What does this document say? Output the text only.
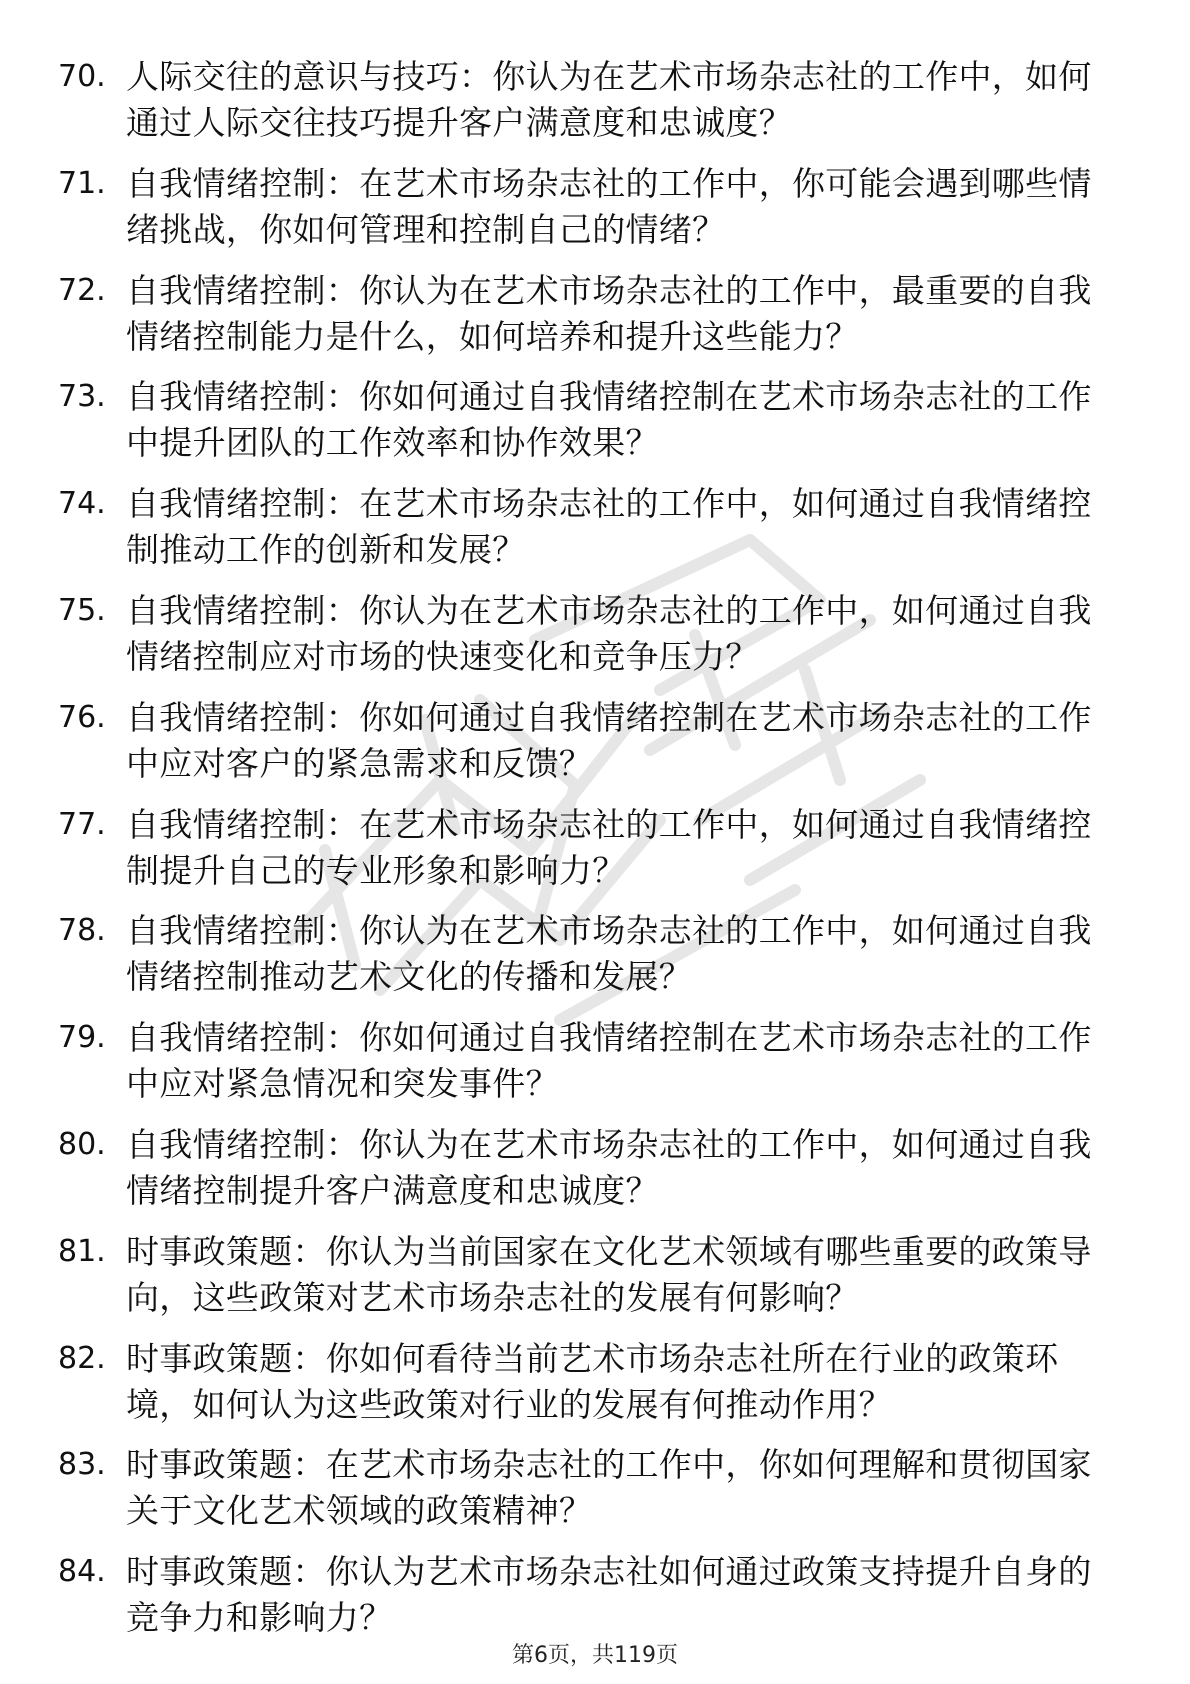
70. 人际交往的意识与技巧：你认为在艺术市场杂志社的工作中，如何通过人际交往技巧提升客户满意度和忠诚度？
71. 自我情绪控制：在艺术市场杂志社的工作中，你可能会遇到哪些情绪挑战，你如何管理和控制自己的情绪？
72. 自我情绪控制：你认为在艺术市场杂志社的工作中，最重要的自我情绪控制能力是什么，如何培养和提升这些能力？
73. 自我情绪控制：你如何通过自我情绪控制在艺术市场杂志社的工作中提升团队的工作效率和协作效果？
74. 自我情绪控制：在艺术市场杂志社的工作中，如何通过自我情绪控制推动工作的创新和发展？
75. 自我情绪控制：你认为在艺术市场杂志社的工作中，如何通过自我情绪控制应对市场的快速变化和竞争压力？
76. 自我情绪控制：你如何通过自我情绪控制在艺术市场杂志社的工作中应对客户的紧急需求和反馈？
77. 自我情绪控制：在艺术市场杂志社的工作中，如何通过自我情绪控制提升自己的专业形象和影响力？
78. 自我情绪控制：你认为在艺术市场杂志社的工作中，如何通过自我情绪控制推动艺术文化的传播和发展？
79. 自我情绪控制：你如何通过自我情绪控制在艺术市场杂志社的工作中应对紧急情况和突发事件？
80. 自我情绪控制：你认为在艺术市场杂志社的工作中，如何通过自我情绪控制提升客户满意度和忠诚度？
81. 时事政策题：你认为当前国家在文化艺术领域有哪些重要的政策导向，这些政策对艺术市场杂志社的发展有何影响？
82. 时事政策题：你如何看待当前艺术市场杂志社所在行业的政策环境，如何认为这些政策对行业的发展有何推动作用？
83. 时事政策题：在艺术市场杂志社的工作中，你如何理解和贯彻国家关于文化艺术领域的政策精神？
84. 时事政策题：你认为艺术市场杂志社如何通过政策支持提升自身的竞争力和影响力？
第6页，共119页
